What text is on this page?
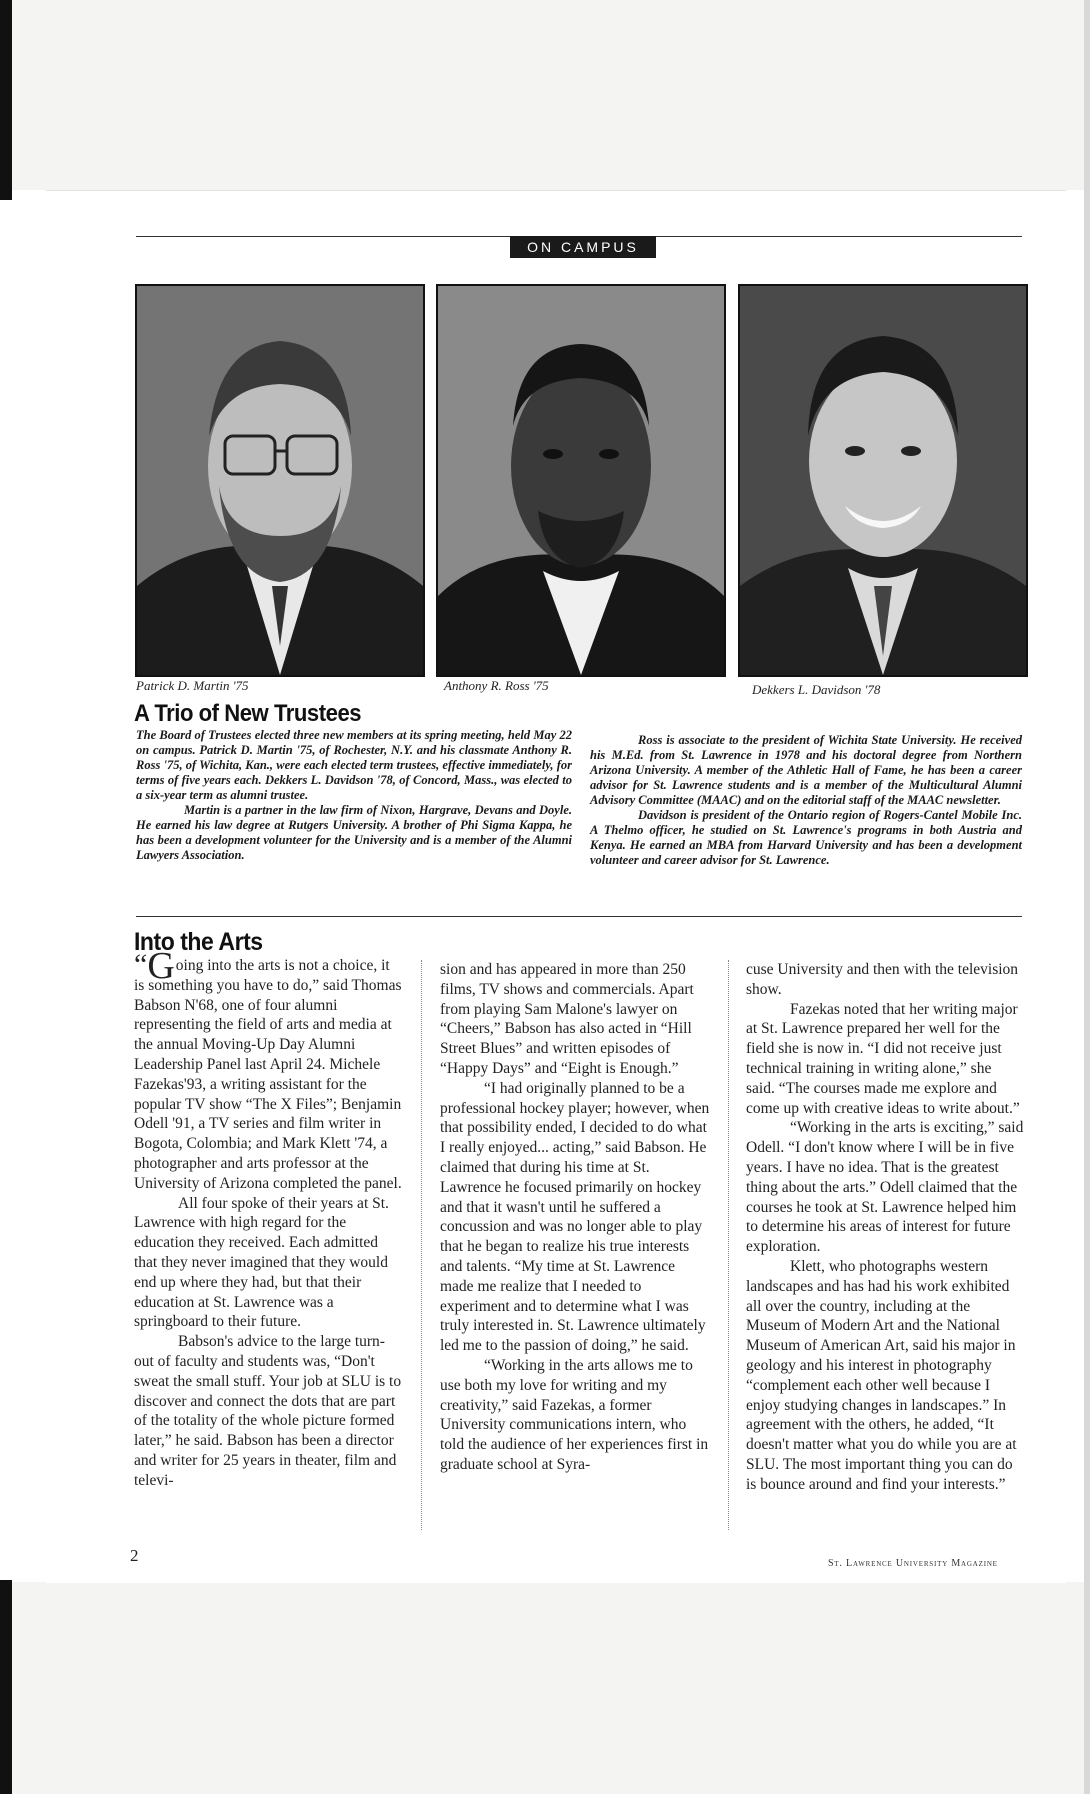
ON CAMPUS
Patrick D. Martin '75	Anthony R. Ross '75	Dekkers L. Davidson '78
A Trio of New Trustees

The Board of Trustees elected three new members at its spring meeting, held May 22 on campus. Patrick D. Martin '75, of Rochester, N.Y. and his classmate Anthony R. Ross '75, of Wichita, Kan., were each elected term trustees, effective immediately, for terms of five years each. Dekkers L. Davidson '78, of Concord, Mass., was elected to a six-year term as alumni trustee.

Martin is a partner in the law firm of Nixon, Hargrave, Devans and Doyle. He earned his law degree at Rutgers University. A brother of Phi Sigma Kappa, he has been a development volunteer for the University and is a member of the Alumni Lawyers Association.

Ross is associate to the president of Wichita State University. He received his M.Ed. from St. Lawrence in 1978 and his doctoral degree from Northern Arizona University. A member of the Athletic Hall of Fame, he has been a career advisor for St. Lawrence students and is a member of the Multicultural Alumni Advisory Committee (MAAC) and on the editorial staff of the MAAC newsletter.

Davidson is president of the Ontario region of Rogers-Cantel Mobile Inc. A Thelmo officer, he studied on St. Lawrence's programs in both Austria and Kenya. He earned an MBA from Harvard University and has been a development volunteer and career advisor for St. Lawrence.

Into the Arts

“Going into the arts is not a choice, it is something you have to do,” said Thomas Babson N'68, one of four alumni representing the field of arts and media at the annual Moving-Up Day Alumni Leadership Panel last April 24. Michele Fazekas'93, a writing assistant for the popular TV show “The X Files”; Benjamin Odell '91, a TV series and film writer in Bogota, Colombia; and Mark Klett '74, a photographer and arts professor at the University of Arizona completed the panel.

All four spoke of their years at St. Lawrence with high regard for the education they received. Each admitted that they never imagined that they would end up where they had, but that their education at St. Lawrence was a springboard to their future.

Babson's advice to the large turn-out of faculty and students was, “Don't sweat the small stuff. Your job at SLU is to discover and connect the dots that are part of the totality of the whole picture formed later,” he said. Babson has been a director and writer for 25 years in theater, film and televi-

sion and has appeared in more than 250 films, TV shows and commercials. Apart from playing Sam Malone's lawyer on “Cheers,” Babson has also acted in “Hill Street Blues” and written episodes of “Happy Days” and “Eight is Enough.”

“I had originally planned to be a professional hockey player; however, when that possibility ended, I decided to do what I really enjoyed... acting,” said Babson. He claimed that during his time at St. Lawrence he focused primarily on hockey and that it wasn't until he suffered a concussion and was no longer able to play that he began to realize his true interests and talents. “My time at St. Lawrence made me realize that I needed to experiment and to determine what I was truly interested in. St. Lawrence ultimately led me to the passion of doing,” he said.

“Working in the arts allows me to use both my love for writing and my creativity,” said Fazekas, a former University communications intern, who told the audience of her experiences first in graduate school at Syra-

cuse University and then with the television show.

Fazekas noted that her writing major at St. Lawrence prepared her well for the field she is now in. “I did not receive just technical training in writing alone,” she said. “The courses made me explore and come up with creative ideas to write about.”

“Working in the arts is exciting,” said Odell. “I don't know where I will be in five years. I have no idea. That is the greatest thing about the arts.” Odell claimed that the courses he took at St. Lawrence helped him to determine his areas of interest for future exploration.

Klett, who photographs western landscapes and has had his work exhibited all over the country, including at the Museum of Modern Art and the National Museum of American Art, said his major in geology and his interest in photography “complement each other well because I enjoy studying changes in landscapes.” In agreement with the others, he added, “It doesn't matter what you do while you are at SLU. The most important thing you can do is bounce around and find your interests.”

2	St. Lawrence University Magazine
